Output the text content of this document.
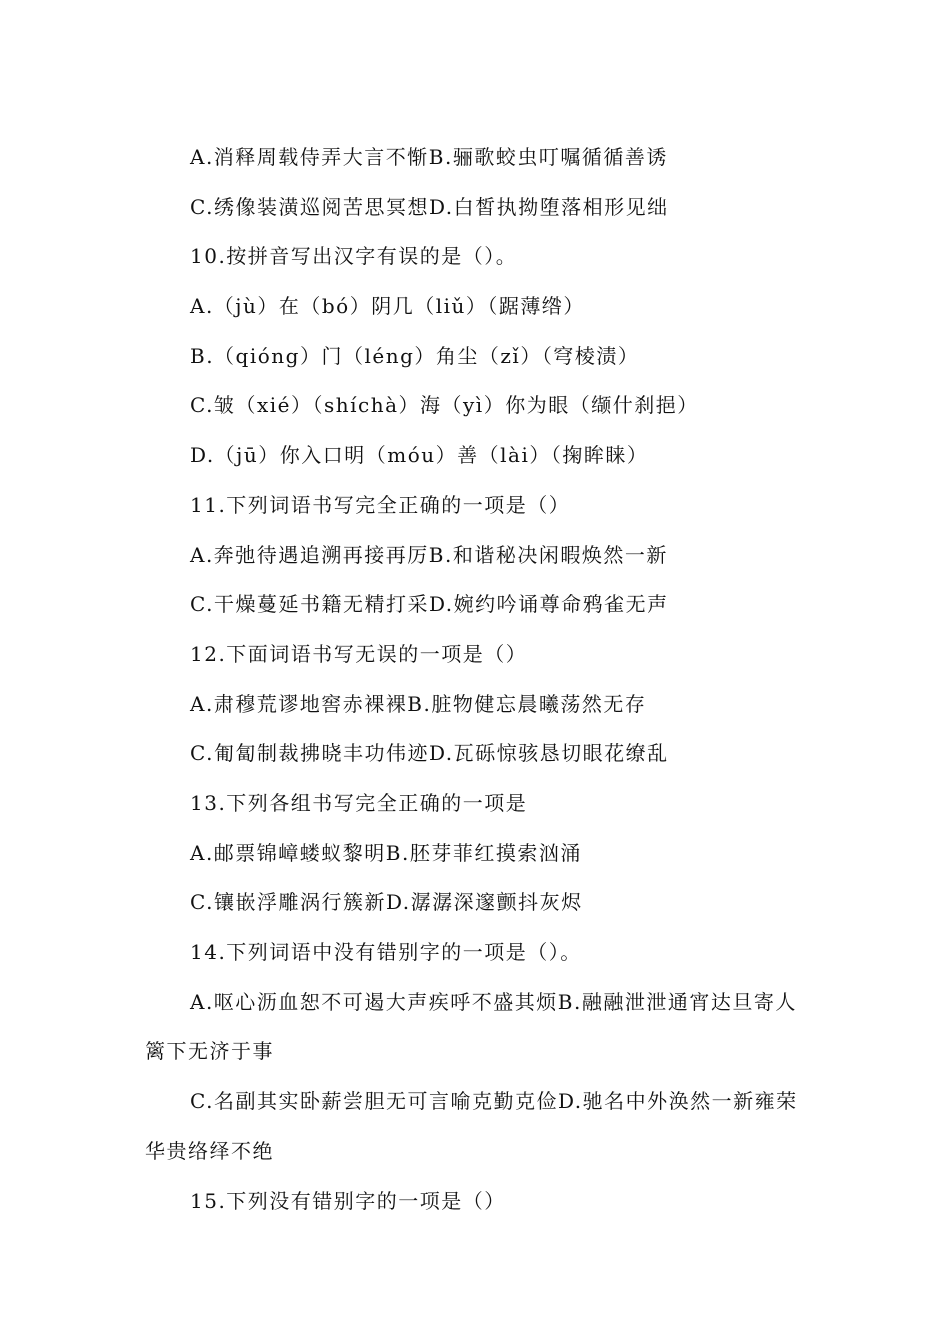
A.消释周载侍弄大言不惭B.骊歌蛟虫叮嘱循循善诱

C.绣像装潢巡阅苦思冥想D.白皙执拗堕落相形见绌

10.按拼音写出汉字有误的是（）。

A.（jù）在（bó）阴几（liǔ）（踞薄绺）

B.（qióng）门（léng）角尘（zǐ）（穹棱渍）

C.皱（xié）（shíchà）海（yì）你为眼（缬什刹挹）

D.（jū）你入口明（móu）善（lài）（掬眸睐）

11.下列词语书写完全正确的一项是（）

A.奔弛待遇追溯再接再厉B.和谐秘决闲暇焕然一新

C.干燥蔓延书籍无精打采D.婉约吟诵尊命鸦雀无声

12.下面词语书写无误的一项是（）

A.肃穆荒谬地窖赤裸裸B.脏物健忘晨曦荡然无存

C.匍匐制裁拂晓丰功伟迹D.瓦砾惊骇恳切眼花缭乱

13.下列各组书写完全正确的一项是

A.邮票锦嶂蝼蚁黎明B.胚芽菲红摸索汹涌

C.镶嵌浮雕涡行簇新D.潺潺深邃颤抖灰烬

14.下列词语中没有错别字的一项是（）。

A.呕心沥血恕不可遏大声疾呼不盛其烦B.融融泄泄通宵达旦寄人篱下无济于事

C.名副其实卧薪尝胆无可言喻克勤克俭D.驰名中外涣然一新雍荣华贵络绎不绝

15.下列没有错别字的一项是（）
